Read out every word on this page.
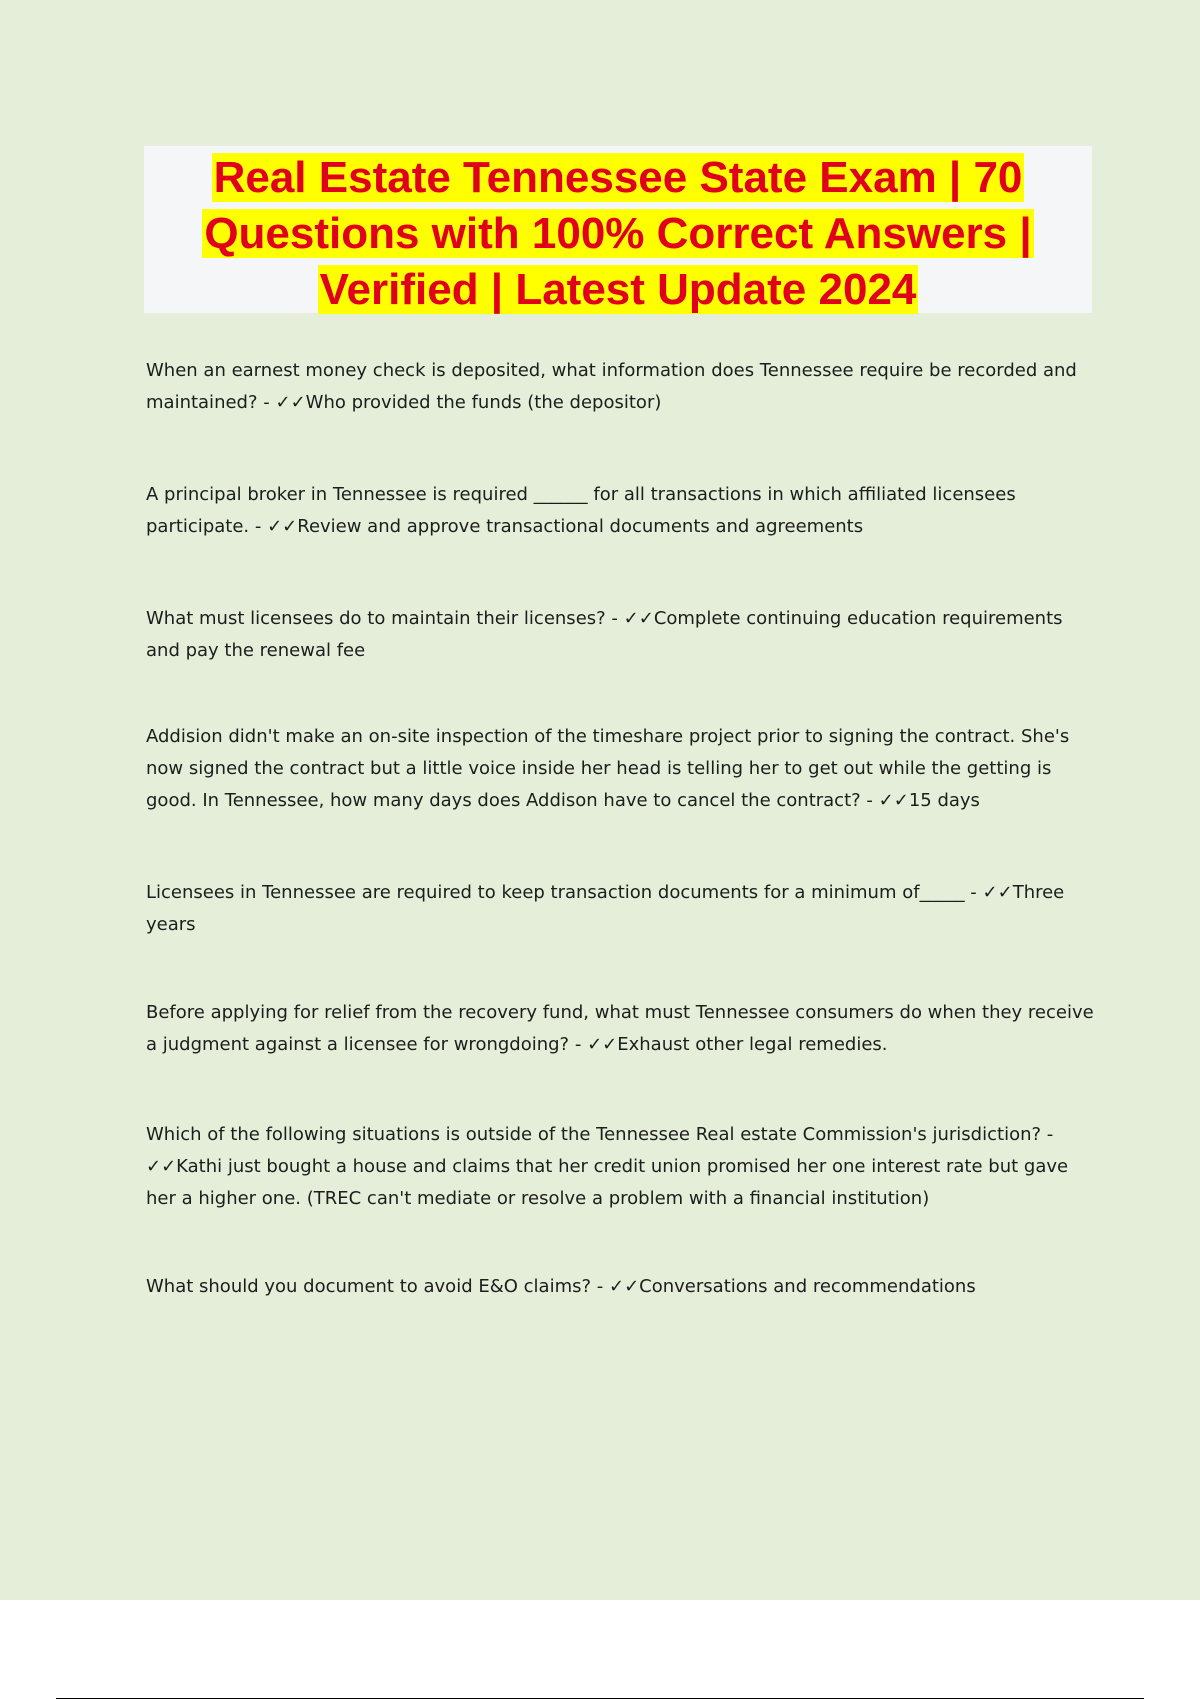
Real Estate Tennessee State Exam | 70
Questions with 100% Correct Answers |
Verified | Latest Update 2024

When an earnest money check is deposited, what information does Tennessee require be recorded and maintained? - ✓✓Who provided the funds (the depositor)

A principal broker in Tennessee is required ______ for all transactions in which affiliated licensees participate. - ✓✓Review and approve transactional documents and agreements

What must licensees do to maintain their licenses? - ✓✓Complete continuing education requirements and pay the renewal fee

Addision didn't make an on-site inspection of the timeshare project prior to signing the contract. She's now signed the contract but a little voice inside her head is telling her to get out while the getting is good. In Tennessee, how many days does Addison have to cancel the contract? - ✓✓15 days

Licensees in Tennessee are required to keep transaction documents for a minimum of_____ - ✓✓Three years

Before applying for relief from the recovery fund, what must Tennessee consumers do when they receive a judgment against a licensee for wrongdoing? - ✓✓Exhaust other legal remedies.

Which of the following situations is outside of the Tennessee Real estate Commission's jurisdiction? - ✓✓Kathi just bought a house and claims that her credit union promised her one interest rate but gave her a higher one. (TREC can't mediate or resolve a problem with a financial institution)

What should you document to avoid E&O claims? - ✓✓Conversations and recommendations
